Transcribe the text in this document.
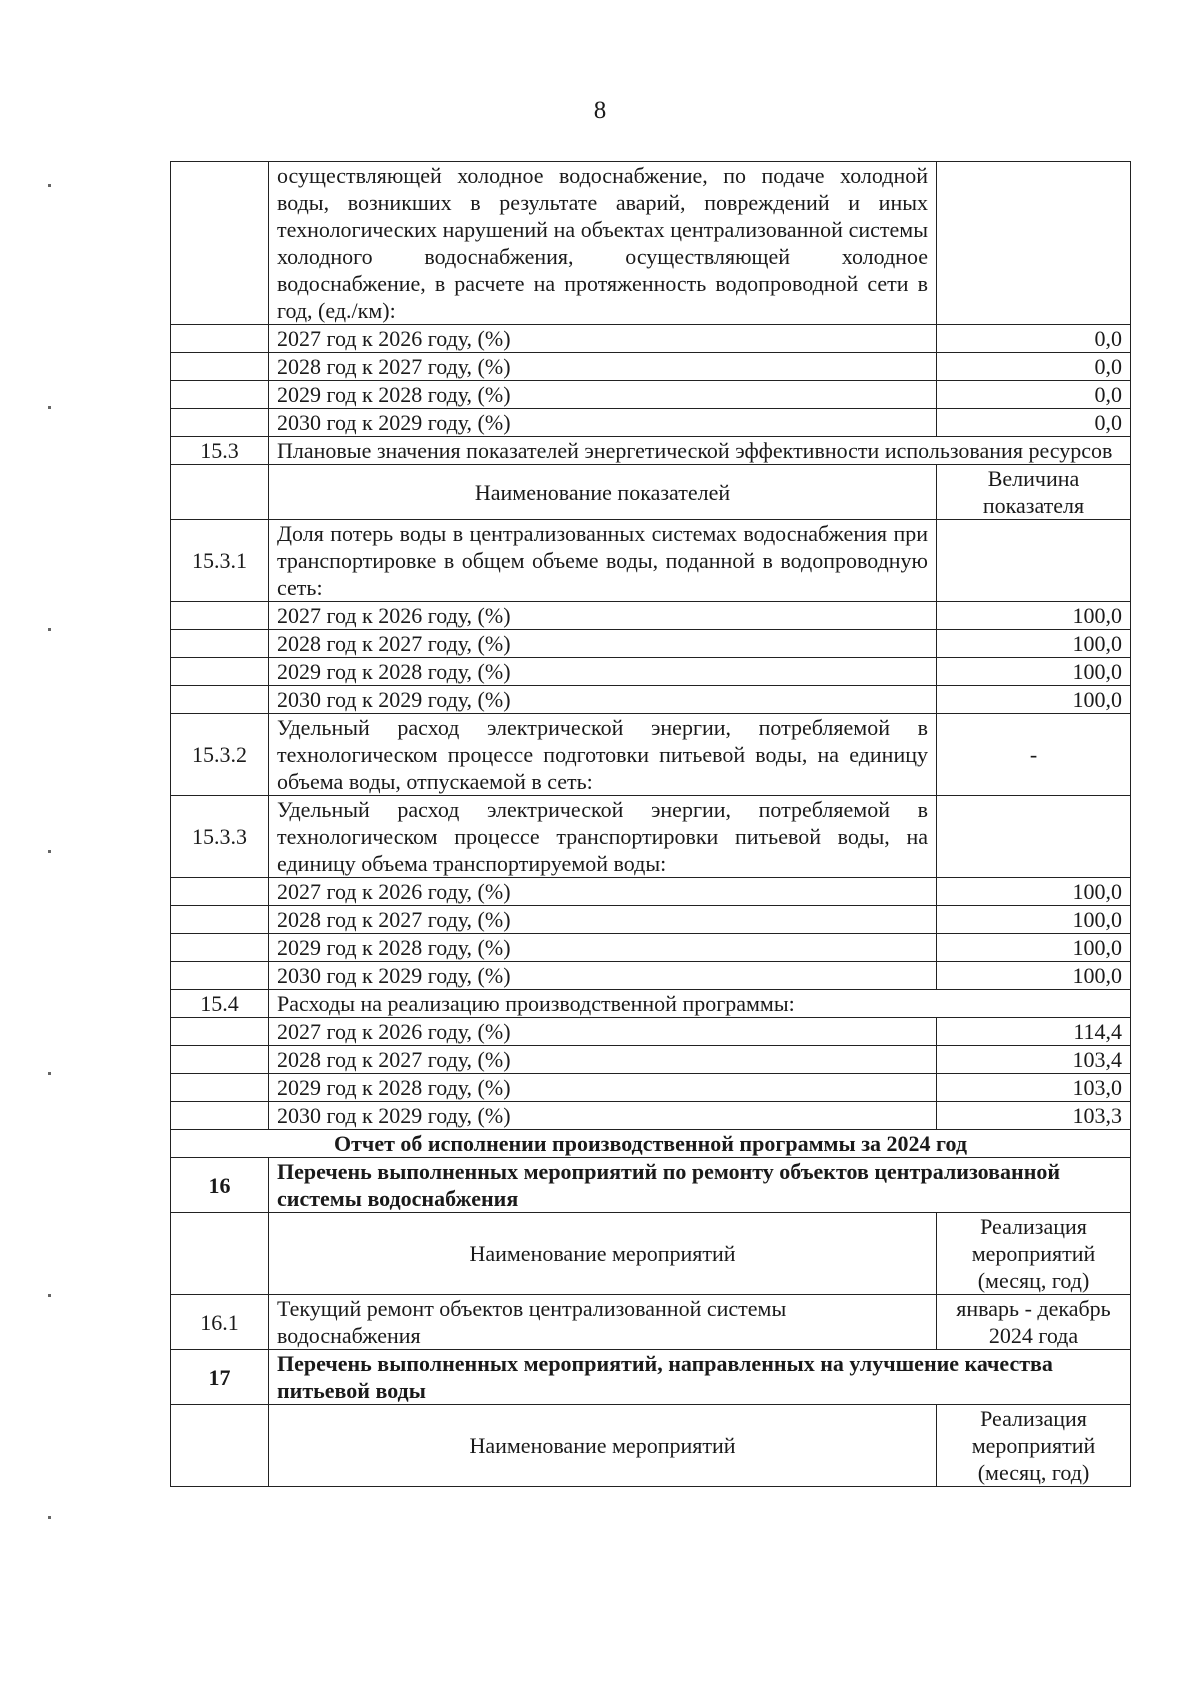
8
	осуществляющей холодное водоснабжение, по подаче холодной воды, возникших в результате аварий, повреждений и иных технологических нарушений на объектах централизованной системы холодного водоснабжения, осуществляющей холодное водоснабжение, в расчете на протяженность водопроводной сети в год, (ед./км):	
	2027 год к 2026 году, (%)	0,0
	2028 год к 2027 году, (%)	0,0
	2029 год к 2028 году, (%)	0,0
	2030 год к 2029 году, (%)	0,0
15.3	Плановые значения показателей энергетической эффективности использования ресурсов	
	Наименование показателей	Величина показателя
15.3.1	Доля потерь воды в централизованных системах водоснабжения при транспортировке в общем объеме воды, поданной в водопроводную сеть:	
	2027 год к 2026 году, (%)	100,0
	2028 год к 2027 году, (%)	100,0
	2029 год к 2028 году, (%)	100,0
	2030 год к 2029 году, (%)	100,0
15.3.2	Удельный расход электрической энергии, потребляемой в технологическом процессе подготовки питьевой воды, на единицу объема воды, отпускаемой в сеть:	-
15.3.3	Удельный расход электрической энергии, потребляемой в технологическом процессе транспортировки питьевой воды, на единицу объема транспортируемой воды:	
	2027 год к 2026 году, (%)	100,0
	2028 год к 2027 году, (%)	100,0
	2029 год к 2028 году, (%)	100,0
	2030 год к 2029 году, (%)	100,0
15.4	Расходы на реализацию производственной программы:	
	2027 год к 2026 году, (%)	114,4
	2028 год к 2027 году, (%)	103,4
	2029 год к 2028 году, (%)	103,0
	2030 год к 2029 году, (%)	103,3
Отчет об исполнении производственной программы за 2024 год		
16	Перечень выполненных мероприятий по ремонту объектов централизованной системы водоснабжения	
	Наименование мероприятий	Реализация мероприятий (месяц, год)
16.1	Текущий ремонт объектов централизованной системы водоснабжения	январь - декабрь 2024 года
17	Перечень выполненных мероприятий, направленных на улучшение качества питьевой воды	
	Наименование мероприятий	Реализация мероприятий (месяц, год)
